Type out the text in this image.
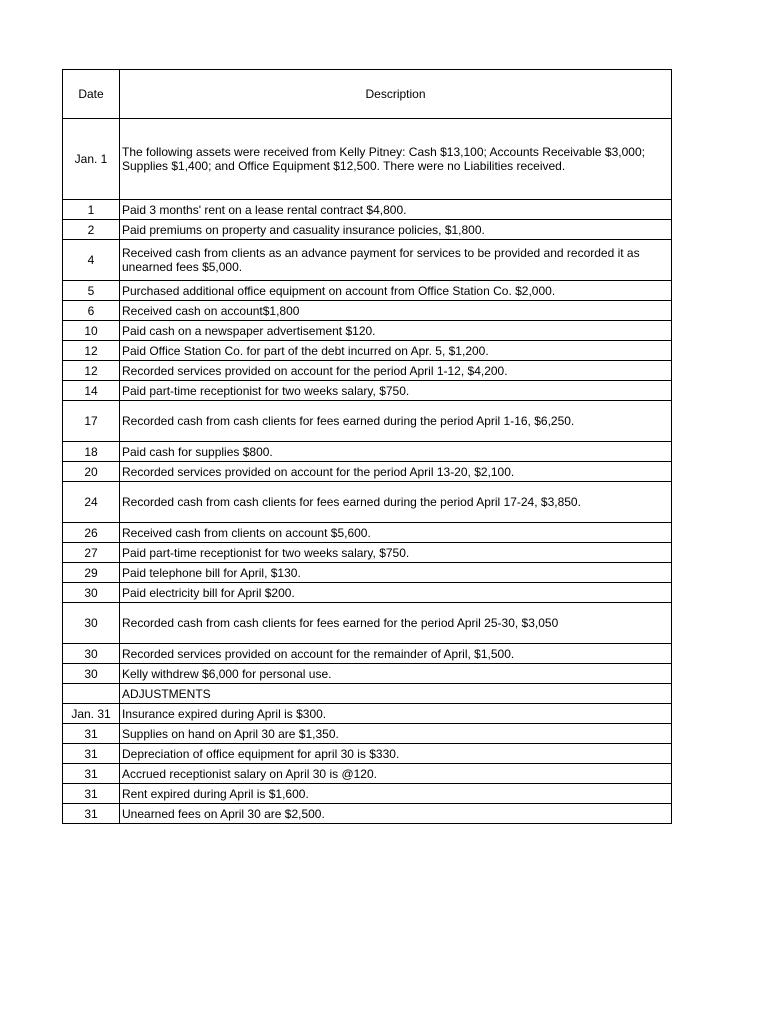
Date	Description
Jan. 1	The following assets were received from Kelly Pitney: Cash $13,100; Accounts Receivable $3,000; Supplies $1,400; and Office Equipment $12,500. There were no Liabilities received.
1	Paid 3 months' rent on a lease rental contract $4,800.
2	Paid premiums on property and casuality insurance policies, $1,800.
4	Received cash from clients as an advance payment for services to be provided and recorded it as unearned fees $5,000.
5	Purchased additional office equipment on account from Office Station Co. $2,000.
6	Received cash on account$1,800
10	Paid cash on a newspaper advertisement $120.
12	Paid Office Station Co. for part of the debt incurred on Apr. 5, $1,200.
12	Recorded services provided on account for the period April 1-12, $4,200.
14	Paid part-time receptionist for two weeks salary, $750.
17	Recorded cash from cash clients for fees earned during the period April 1-16, $6,250.
18	Paid cash for supplies $800.
20	Recorded services provided on account for the period April 13-20, $2,100.
24	Recorded cash from cash clients for fees earned during the period April 17-24, $3,850.
26	Received cash from clients on account $5,600.
27	Paid part-time receptionist for two weeks salary, $750.
29	Paid telephone bill for April, $130.
30	Paid electricity bill for April $200.
30	Recorded cash from cash clients for fees earned for the period April 25-30, $3,050
30	Recorded services provided on account for the remainder of April, $1,500.
30	Kelly withdrew $6,000 for personal use.
	ADJUSTMENTS
Jan. 31	Insurance expired during April is $300.
31	Supplies on hand on April 30 are $1,350.
31	Depreciation of office equipment for april 30 is $330.
31	Accrued receptionist salary on April 30 is @120.
31	Rent expired during April is $1,600.
31	Unearned fees on April 30 are $2,500.
